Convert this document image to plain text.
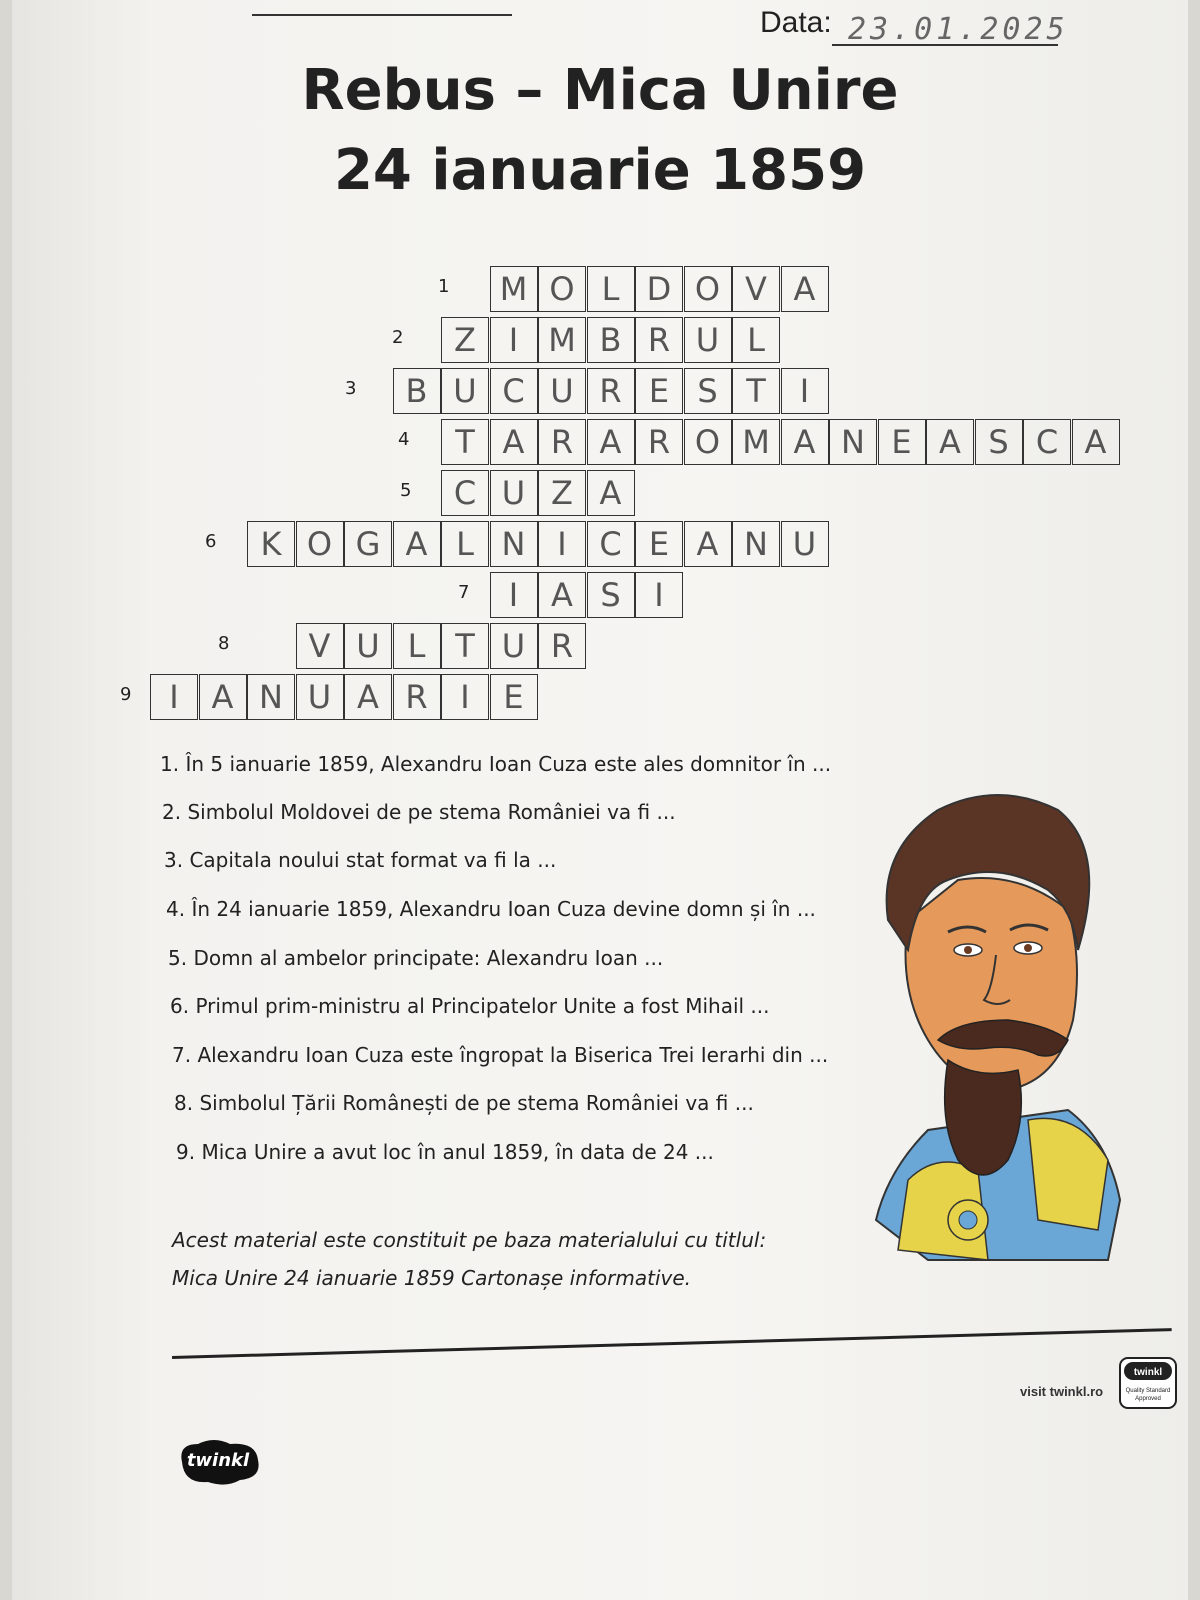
Data: 23.01.2025
Rebus – Mica Unire
24 ianuarie 1859
1	M O L D O V A
2	Z	I M B R U L
3	B U C U R E S T	I
4	T A R A R O M A N E A S C A
5	C U Z A
6	K O G A L N I	C E A N U
7	I	A S	I
8	V U L T U R
9	I	A N U A R	I	E
1. În 5 ianuarie 1859, Alexandru Ioan Cuza este ales domnitor în ...
2. Simbolul Moldovei de pe stema României va fi ...
3. Capitala noului stat format va fi la ...
4. În 24 ianuarie 1859, Alexandru Ioan Cuza devine domn și în ...
5. Domn al ambelor principate: Alexandru Ioan ...
6. Primul prim-ministru al Principatelor Unite a fost Mihail ...
7. Alexandru Ioan Cuza este îngropat la Biserica Trei Ierarhi din ...
8. Simbolul Țării Românești de pe stema României va fi ...
9. Mica Unire a avut loc în anul 1859, în data de 24 ...
Acest material este constituit pe baza materialului cu titlul:
Mica Unire 24 ianuarie 1859 Cartonașe informative.
visit twinkl.ro
twinkl
Quality Standard
Approved
twinkl
